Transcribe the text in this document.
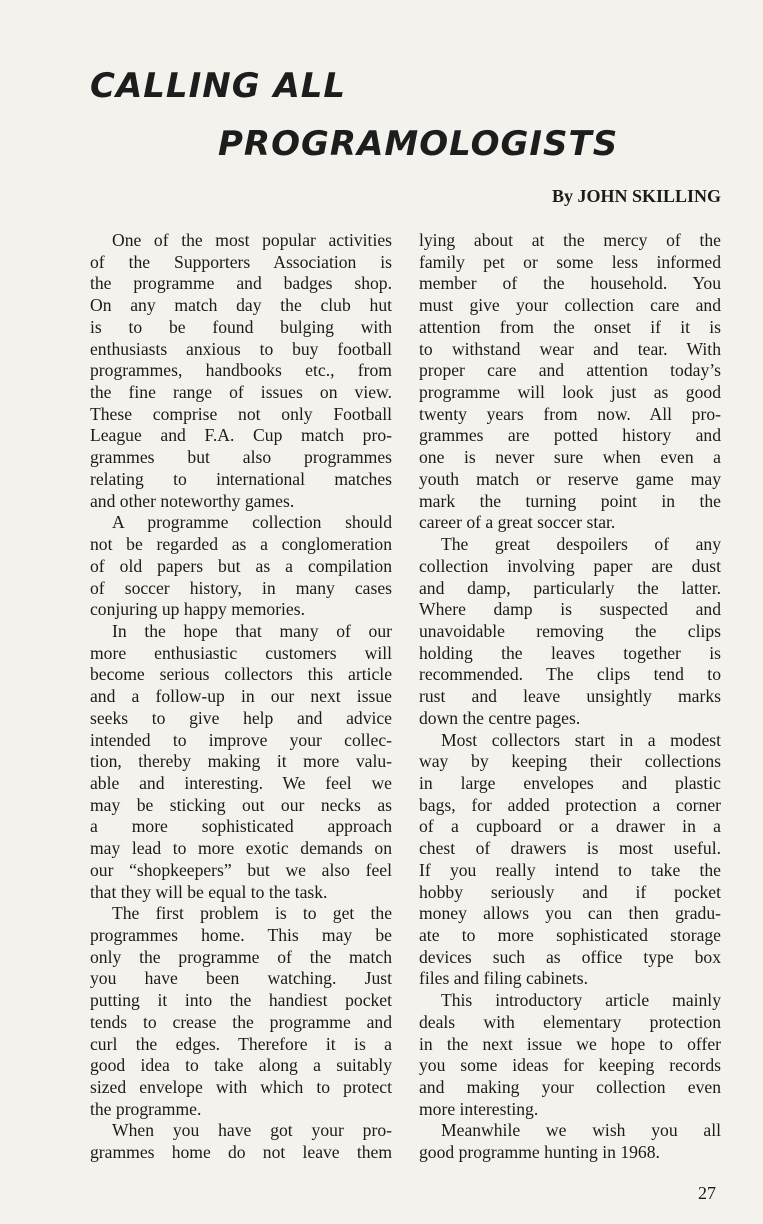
CALLING ALL
PROGRAMOLOGISTS
By JOHN SKILLING
One of the most popular activities
of the Supporters Association is
the programme and badges shop.
On any match day the club hut
is to be found bulging with
enthusiasts anxious to buy football
programmes, handbooks etc., from
the fine range of issues on view.
These comprise not only Football
League and F.A. Cup match pro-
grammes but also programmes
relating to international matches
and other noteworthy games.
A programme collection should
not be regarded as a conglomeration
of old papers but as a compilation
of soccer history, in many cases
conjuring up happy memories.
In the hope that many of our
more enthusiastic customers will
become serious collectors this article
and a follow-up in our next issue
seeks to give help and advice
intended to improve your collec-
tion, thereby making it more valu-
able and interesting. We feel we
may be sticking out our necks as
a more sophisticated approach
may lead to more exotic demands on
our “shopkeepers” but we also feel
that they will be equal to the task.
The first problem is to get the
programmes home. This may be
only the programme of the match
you have been watching. Just
putting it into the handiest pocket
tends to crease the programme and
curl the edges. Therefore it is a
good idea to take along a suitably
sized envelope with which to protect
the programme.
When you have got your pro-
grammes home do not leave them
lying about at the mercy of the
family pet or some less informed
member of the household. You
must give your collection care and
attention from the onset if it is
to withstand wear and tear. With
proper care and attention today’s
programme will look just as good
twenty years from now. All pro-
grammes are potted history and
one is never sure when even a
youth match or reserve game may
mark the turning point in the
career of a great soccer star.
The great despoilers of any
collection involving paper are dust
and damp, particularly the latter.
Where damp is suspected and
unavoidable removing the clips
holding the leaves together is
recommended. The clips tend to
rust and leave unsightly marks
down the centre pages.
Most collectors start in a modest
way by keeping their collections
in large envelopes and plastic
bags, for added protection a corner
of a cupboard or a drawer in a
chest of drawers is most useful.
If you really intend to take the
hobby seriously and if pocket
money allows you can then gradu-
ate to more sophisticated storage
devices such as office type box
files and filing cabinets.
This introductory article mainly
deals with elementary protection
in the next issue we hope to offer
you some ideas for keeping records
and making your collection even
more interesting.
Meanwhile we wish you all
good programme hunting in 1968.
27
